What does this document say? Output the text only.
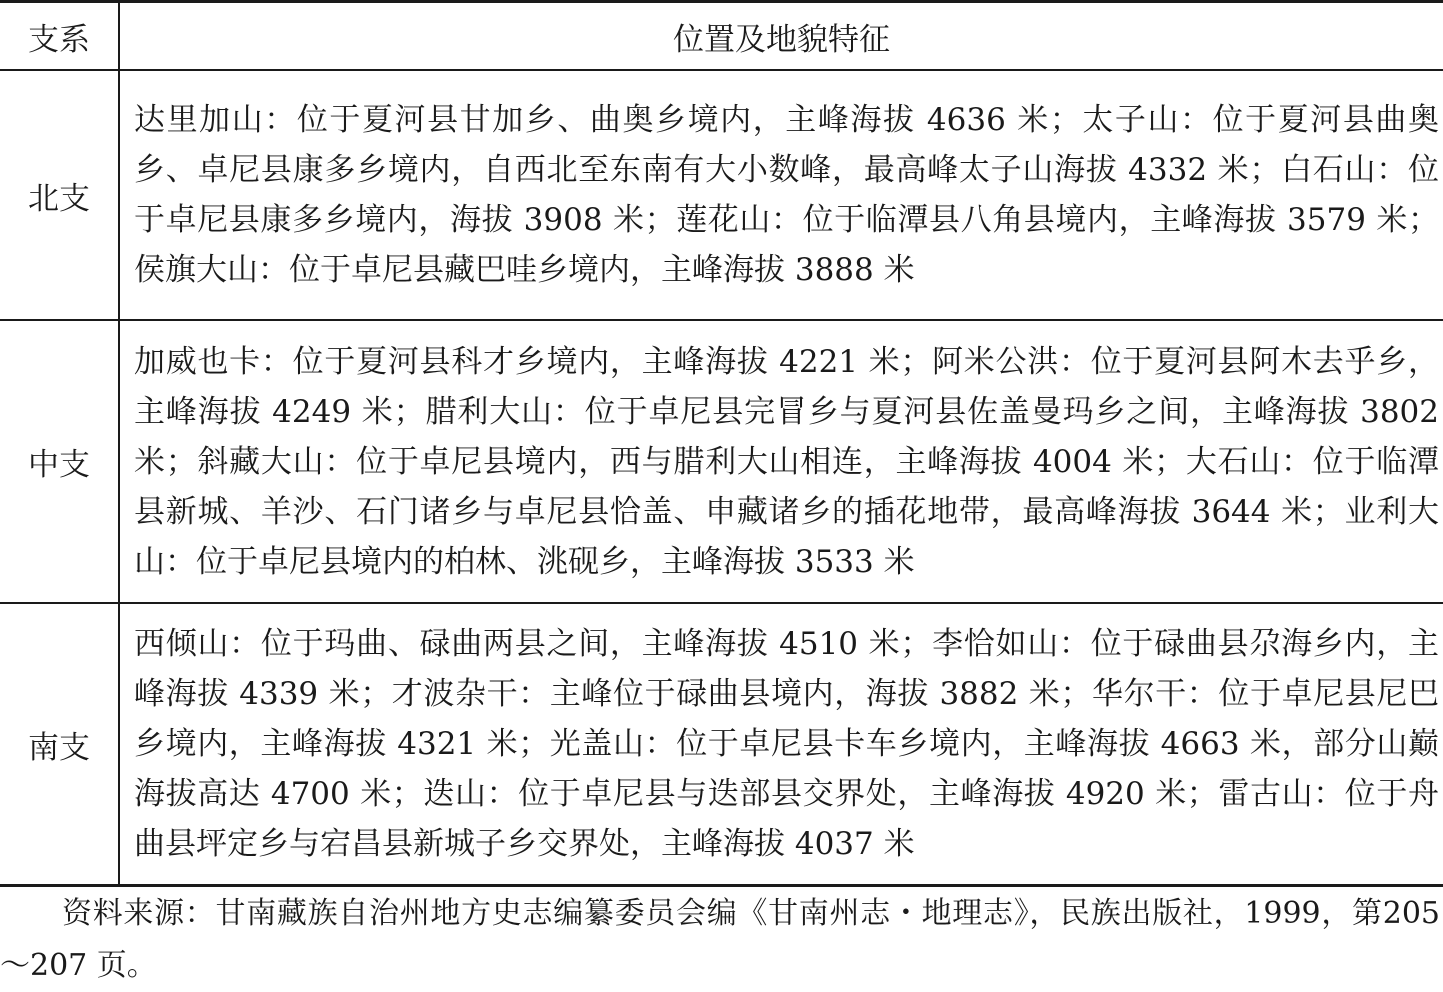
支系	位置及地貌特征
北支	达里加山：位于夏河县甘加乡、曲奥乡境内，主峰海拔 4636 米；太子山：位于夏河县曲奥乡、卓尼县康多乡境内，自西北至东南有大小数峰，最高峰太子山海拔 4332 米；白石山：位于卓尼县康多乡境内，海拔 3908 米；莲花山：位于临潭县八角县境内，主峰海拔 3579 米；侯旗大山：位于卓尼县藏巴哇乡境内，主峰海拔 3888 米
中支	加威也卡：位于夏河县科才乡境内，主峰海拔 4221 米；阿米公洪：位于夏河县阿木去乎乡，主峰海拔 4249 米；腊利大山：位于卓尼县完冒乡与夏河县佐盖曼玛乡之间，主峰海拔 3802 米；斜藏大山：位于卓尼县境内，西与腊利大山相连，主峰海拔 4004 米；大石山：位于临潭县新城、羊沙、石门诸乡与卓尼县恰盖、申藏诸乡的插花地带，最高峰海拔 3644 米；业利大山：位于卓尼县境内的柏林、洮砚乡，主峰海拔 3533 米
南支	西倾山：位于玛曲、碌曲两县之间，主峰海拔 4510 米；李恰如山：位于碌曲县尕海乡内，主峰海拔 4339 米；才波杂干：主峰位于碌曲县境内，海拔 3882 米；华尔干：位于卓尼县尼巴乡境内，主峰海拔 4321 米；光盖山：位于卓尼县卡车乡境内，主峰海拔 4663 米，部分山巅海拔高达 4700 米；迭山：位于卓尼县与迭部县交界处，主峰海拔 4920 米；雷古山：位于舟曲县坪定乡与宕昌县新城子乡交界处，主峰海拔 4037 米
资料来源：甘南藏族自治州地方史志编纂委员会编《甘南州志・地理志》，民族出版社，1999，第205～207 页。
